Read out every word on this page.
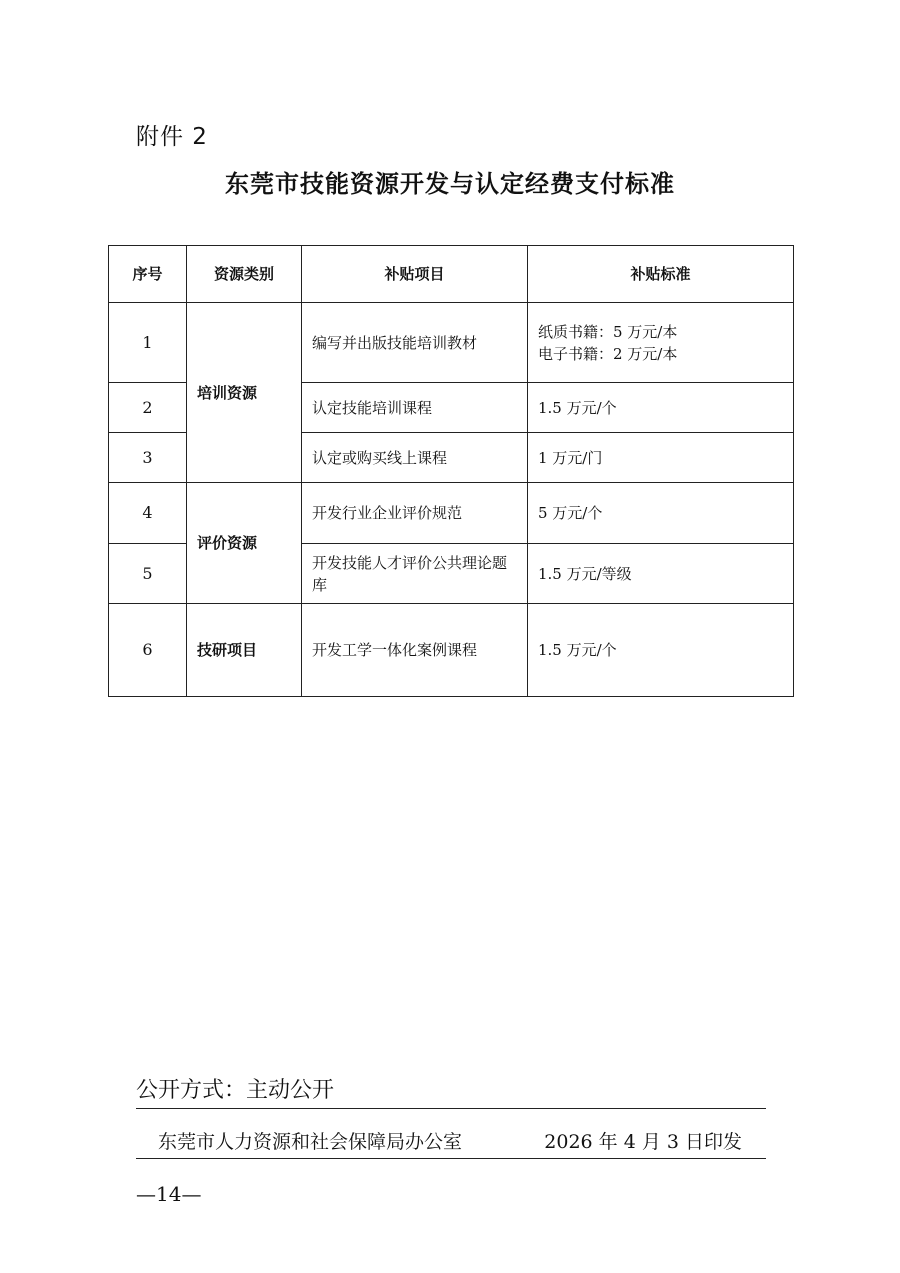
附件 2
东莞市技能资源开发与认定经费支付标准
序号	资源类别	补贴项目	补贴标准
1	培训资源	编写并出版技能培训教材	纸质书籍：5 万元/本
电子书籍：2 万元/本

2		认定技能培训课程	1.5 万元/个

3		认定或购买线上课程	1 万元/门

4	评价资源	开发行业企业评价规范	5 万元/个

5		开发技能人才评价公共理论题库	1.5 万元/等级

6	技研项目	开发工学一体化案例课程	1.5 万元/个
公开方式：主动公开
东莞市人力资源和社会保障局办公室	2026 年 4 月 3 日印发
—14—
